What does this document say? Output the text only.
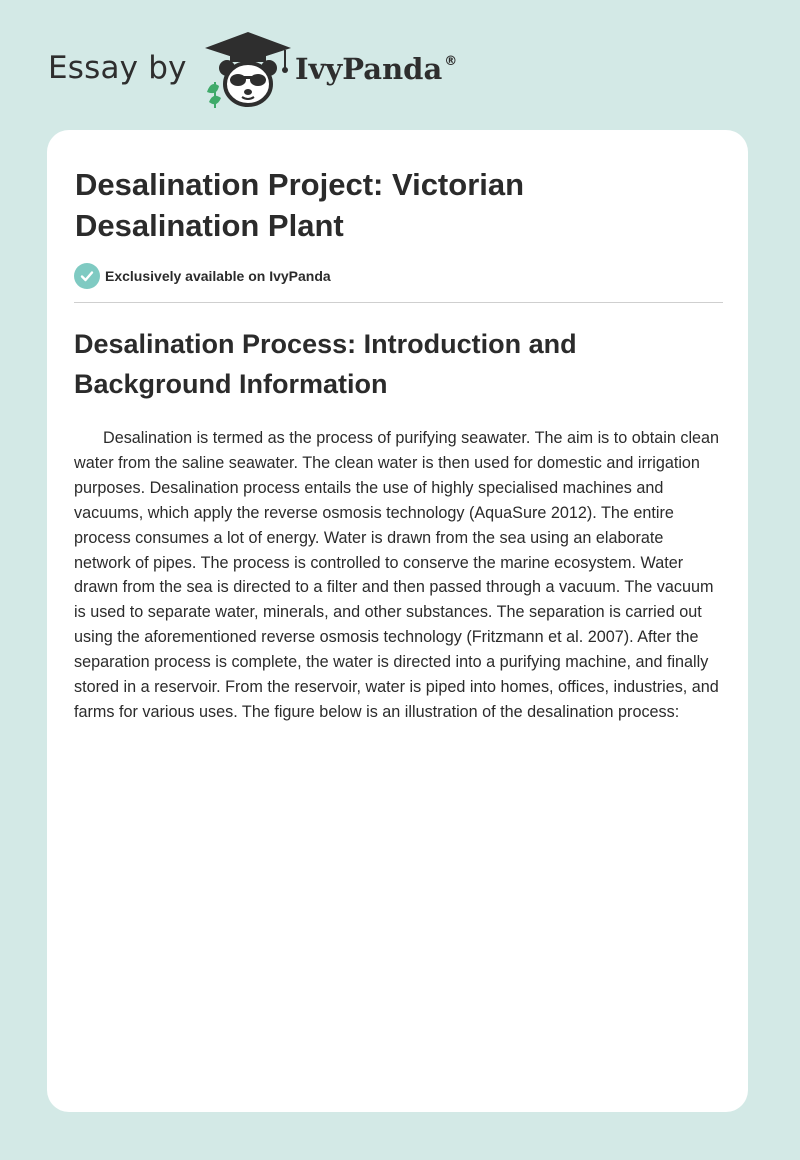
Essay by	IvyPanda ®
Desalination Project: Victorian Desalination Plant
Exclusively available on IvyPanda
Desalination Process: Introduction and Background Information

Desalination is termed as the process of purifying seawater. The aim is to obtain clean water from the saline seawater. The clean water is then used for domestic and irrigation purposes. Desalination process entails the use of highly specialised machines and vacuums, which apply the reverse osmosis technology (AquaSure 2012). The entire process consumes a lot of energy. Water is drawn from the sea using an elaborate network of pipes. The process is controlled to conserve the marine ecosystem. Water drawn from the sea is directed to a filter and then passed through a vacuum. The vacuum is used to separate water, minerals, and other substances. The separation is carried out using the aforementioned reverse osmosis technology (Fritzmann et al. 2007). After the separation process is complete, the water is directed into a purifying machine, and finally stored in a reservoir. From the reservoir, water is piped into homes, offices, industries, and farms for various uses. The figure below is an illustration of the desalination process:
